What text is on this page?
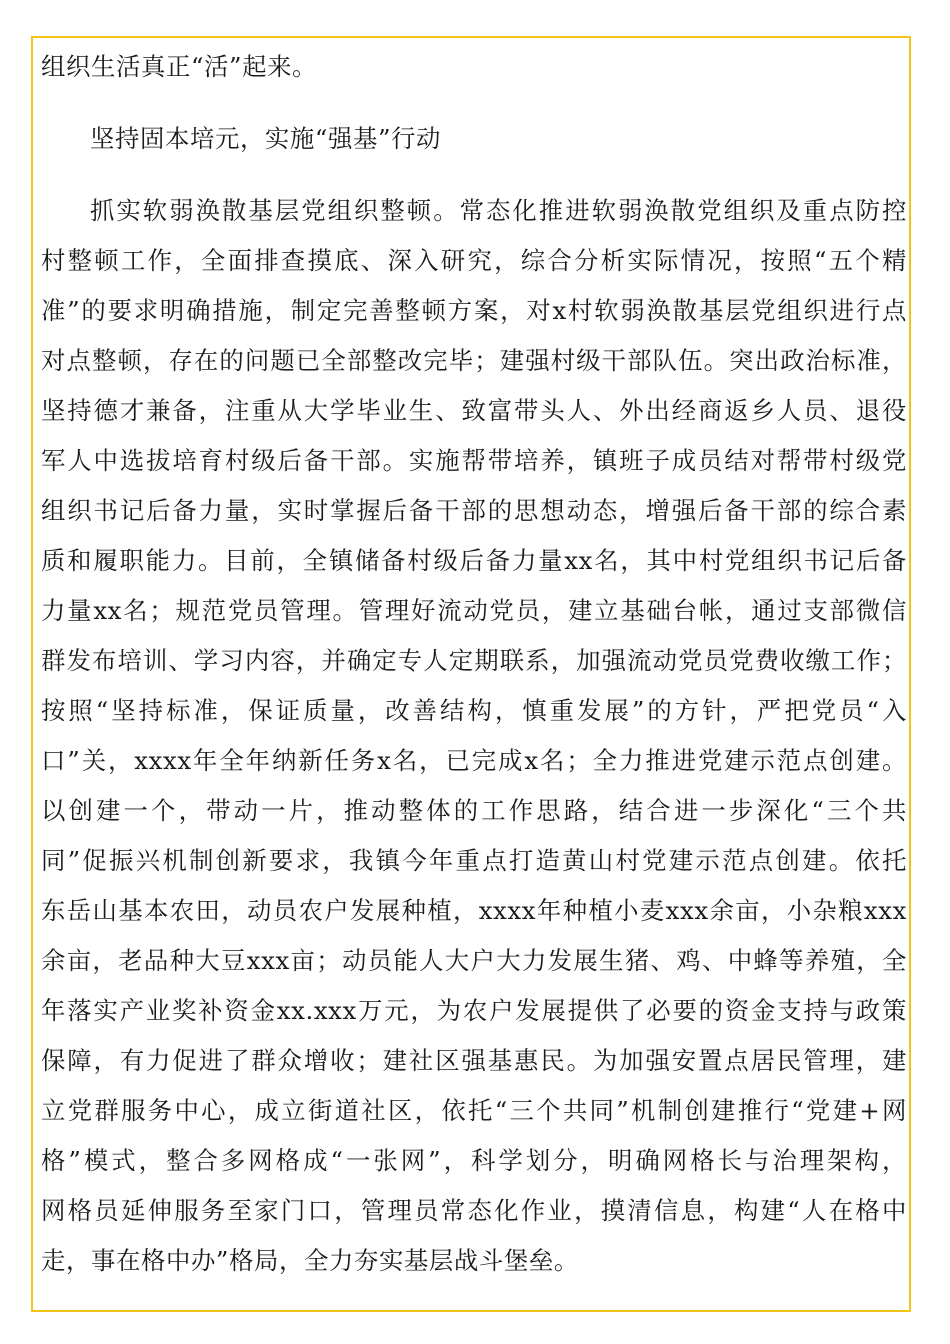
组织生活真正“活”起来。
坚持固本培元，实施“强基”行动
抓实软弱涣散基层党组织整顿。常态化推进软弱涣散党组织及重点防控
村整顿工作，全面排查摸底、深入研究，综合分析实际情况，按照“五个精
准”的要求明确措施，制定完善整顿方案，对x村软弱涣散基层党组织进行点
对点整顿，存在的问题已全部整改完毕；建强村级干部队伍。突出政治标准，
坚持德才兼备，注重从大学毕业生、致富带头人、外出经商返乡人员、退役
军人中选拔培育村级后备干部。实施帮带培养，镇班子成员结对帮带村级党
组织书记后备力量，实时掌握后备干部的思想动态，增强后备干部的综合素
质和履职能力。目前，全镇储备村级后备力量xx名，其中村党组织书记后备
力量xx名；规范党员管理。管理好流动党员，建立基础台帐，通过支部微信
群发布培训、学习内容，并确定专人定期联系，加强流动党员党费收缴工作；
按照“坚持标准，保证质量，改善结构，慎重发展”的方针，严把党员“入
口”关，xxxx年全年纳新任务x名，已完成x名；全力推进党建示范点创建。
以创建一个，带动一片，推动整体的工作思路，结合进一步深化“三个共
同”促振兴机制创新要求，我镇今年重点打造黄山村党建示范点创建。依托
东岳山基本农田，动员农户发展种植，xxxx年种植小麦xxx余亩，小杂粮xxx
余亩，老品种大豆xxx亩；动员能人大户大力发展生猪、鸡、中蜂等养殖，全
年落实产业奖补资金xx.xxx万元，为农户发展提供了必要的资金支持与政策
保障，有力促进了群众增收；建社区强基惠民。为加强安置点居民管理，建
立党群服务中心，成立街道社区，依托“三个共同”机制创建推行“党建+网
格”模式，整合多网格成“一张网”，科学划分，明确网格长与治理架构，
网格员延伸服务至家门口，管理员常态化作业，摸清信息，构建“人在格中
走，事在格中办”格局，全力夯实基层战斗堡垒。
